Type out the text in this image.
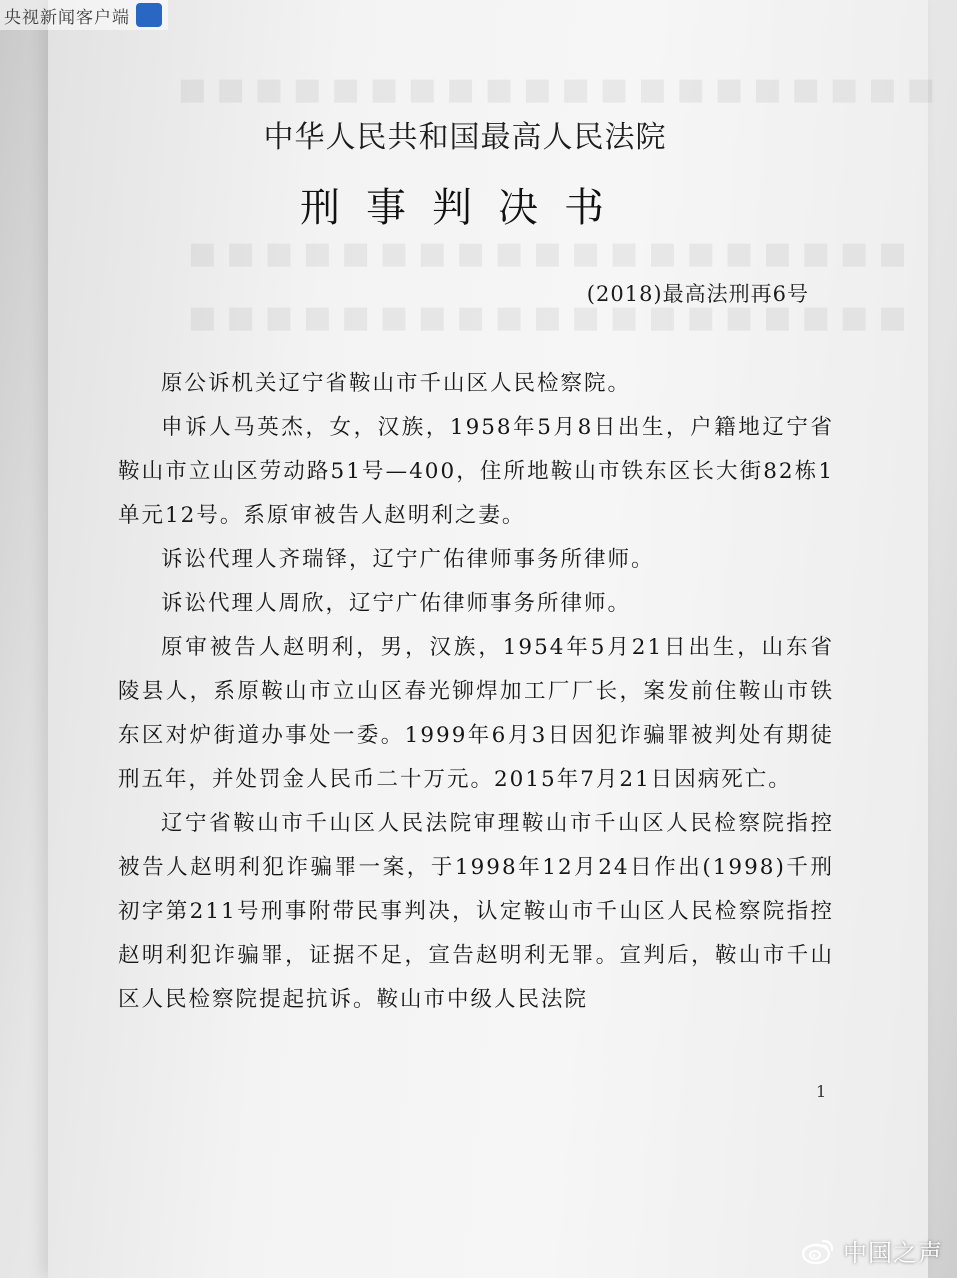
■■■■■■■■■■■■■■■■■■■■
■■■■■■■■■■■■■■■■■■■
■■■■■■■■■■■■■■■■■■■
央视新闻客户端
中华人民共和国最高人民法院
刑事判决书
(2018)最高法刑再6号

原公诉机关辽宁省鞍山市千山区人民检察院。

申诉人马英杰，女，汉族，1958年5月8日出生，户籍地辽宁省鞍山市立山区劳动路51号—400，住所地鞍山市铁东区长大街82栋1单元12号。系原审被告人赵明利之妻。

诉讼代理人齐瑞铎，辽宁广佑律师事务所律师。

诉讼代理人周欣，辽宁广佑律师事务所律师。

原审被告人赵明利，男，汉族，1954年5月21日出生，山东省陵县人，系原鞍山市立山区春光铆焊加工厂厂长，案发前住鞍山市铁东区对炉街道办事处一委。1999年6月3日因犯诈骗罪被判处有期徒刑五年，并处罚金人民币二十万元。2015年7月21日因病死亡。

辽宁省鞍山市千山区人民法院审理鞍山市千山区人民检察院指控被告人赵明利犯诈骗罪一案，于1998年12月24日作出(1998)千刑初字第211号刑事附带民事判决，认定鞍山市千山区人民检察院指控赵明利犯诈骗罪，证据不足，宣告赵明利无罪。宣判后，鞍山市千山区人民检察院提起抗诉。鞍山市中级人民法院

1
中国之声
